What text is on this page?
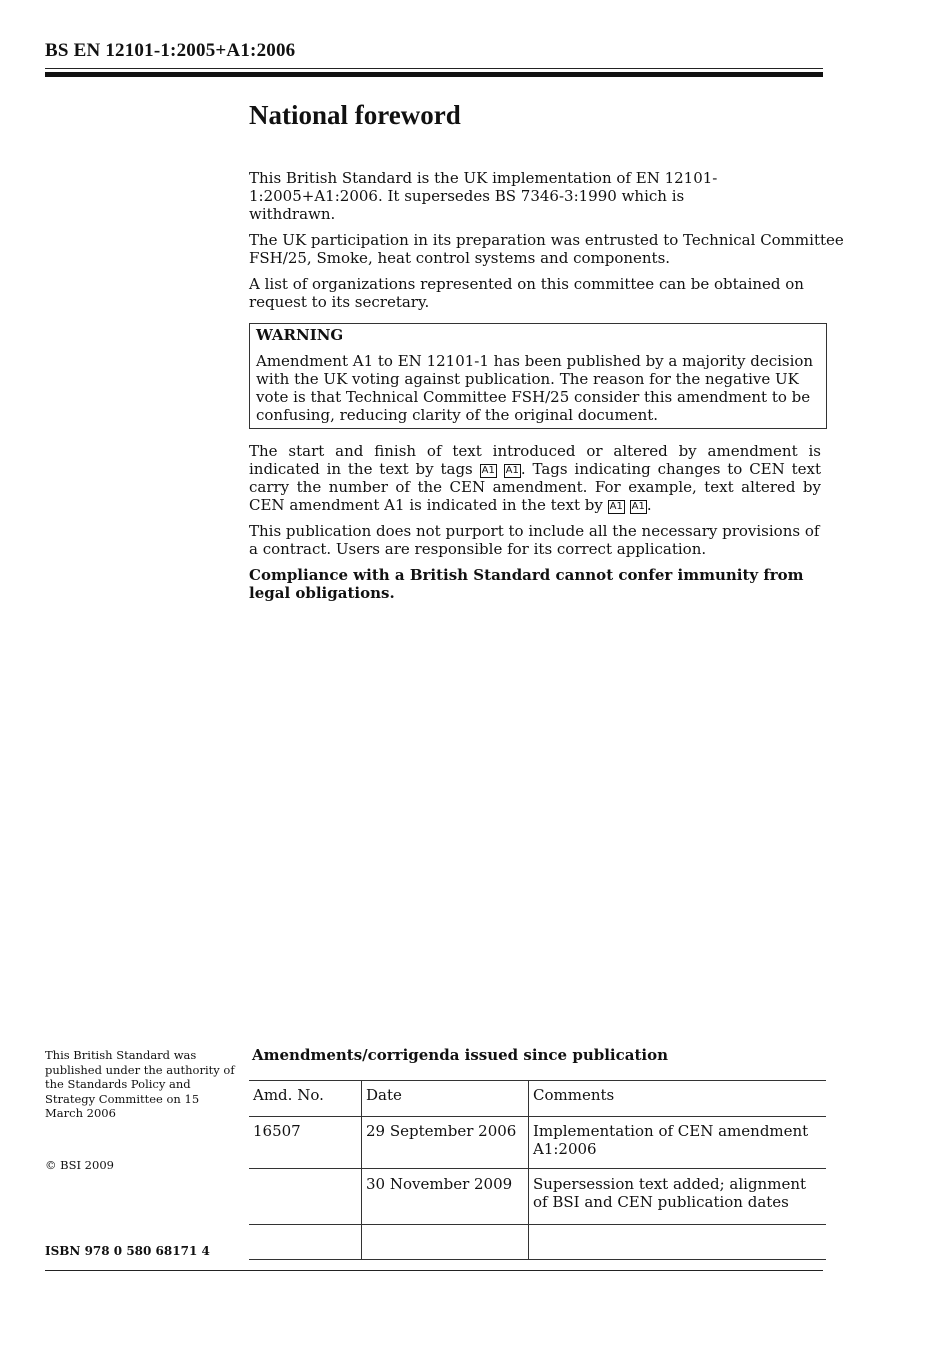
BS EN 12101-1:2005+A1:2006
National foreword

This British Standard is the UK implementation of EN 12101-1:2005+A1:2006. It supersedes BS 7346-3:1990 which is withdrawn.

The UK participation in its preparation was entrusted to Technical Committee FSH/25, Smoke, heat control systems and components.

A list of organizations represented on this committee can be obtained on request to its secretary.

WARNING

Amendment A1 to EN 12101-1 has been published by a majority decision with the UK voting against publication. The reason for the negative UK vote is that Technical Committee FSH/25 consider this amendment to be confusing, reducing clarity of the original document.

The start and finish of text introduced or altered by amendment is indicated in the text by tags A1 A1 . Tags indicating changes to CEN text carry the number of the CEN amendment. For example, text altered by CEN amendment A1 is indicated in the text by A1 A1 .

This publication does not purport to include all the necessary provisions of a contract. Users are responsible for its correct application.

Compliance with a British Standard cannot confer immunity from legal obligations.

This British Standard was published under the authority of the Standards Policy and Strategy Committee on 15 March 2006
© BSI 2009
ISBN 978 0 580 68171 4
Amendments/corrigenda issued since publication
Amd. No.	Date	Comments
16507	29 September 2006	Implementation of CEN amendment A1:2006
	30 November 2009	Supersession text added; alignment of BSI and CEN publication dates
